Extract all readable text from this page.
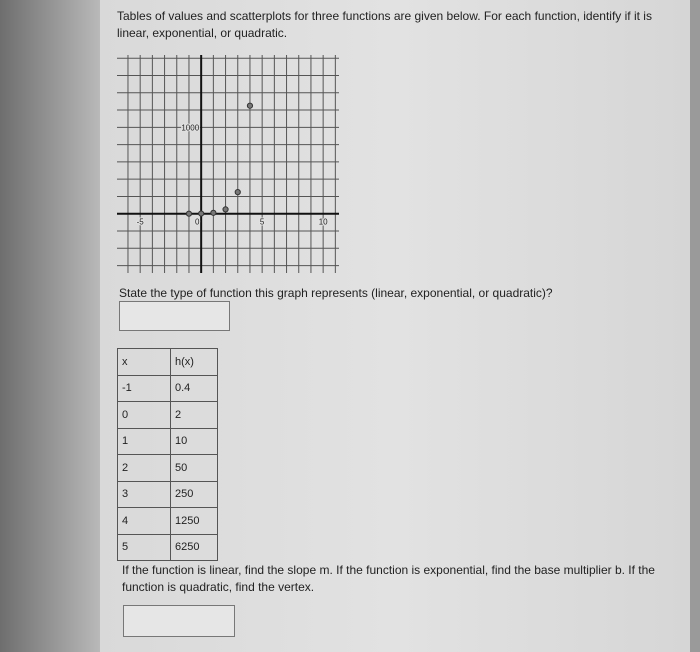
Tables of values and scatterplots for three functions are given below. For each function, identify if it is linear, exponential, or quadratic.
-5	0	5	10
1000
State the type of function this graph represents (linear, exponential, or quadratic)?
x	h(x)
-1	0.4
0	2
1	10
2	50
3	250
4	1250
5	6250
If the function is linear, find the slope m. If the function is exponential, find the base multiplier b. If the function is quadratic, find the vertex.
